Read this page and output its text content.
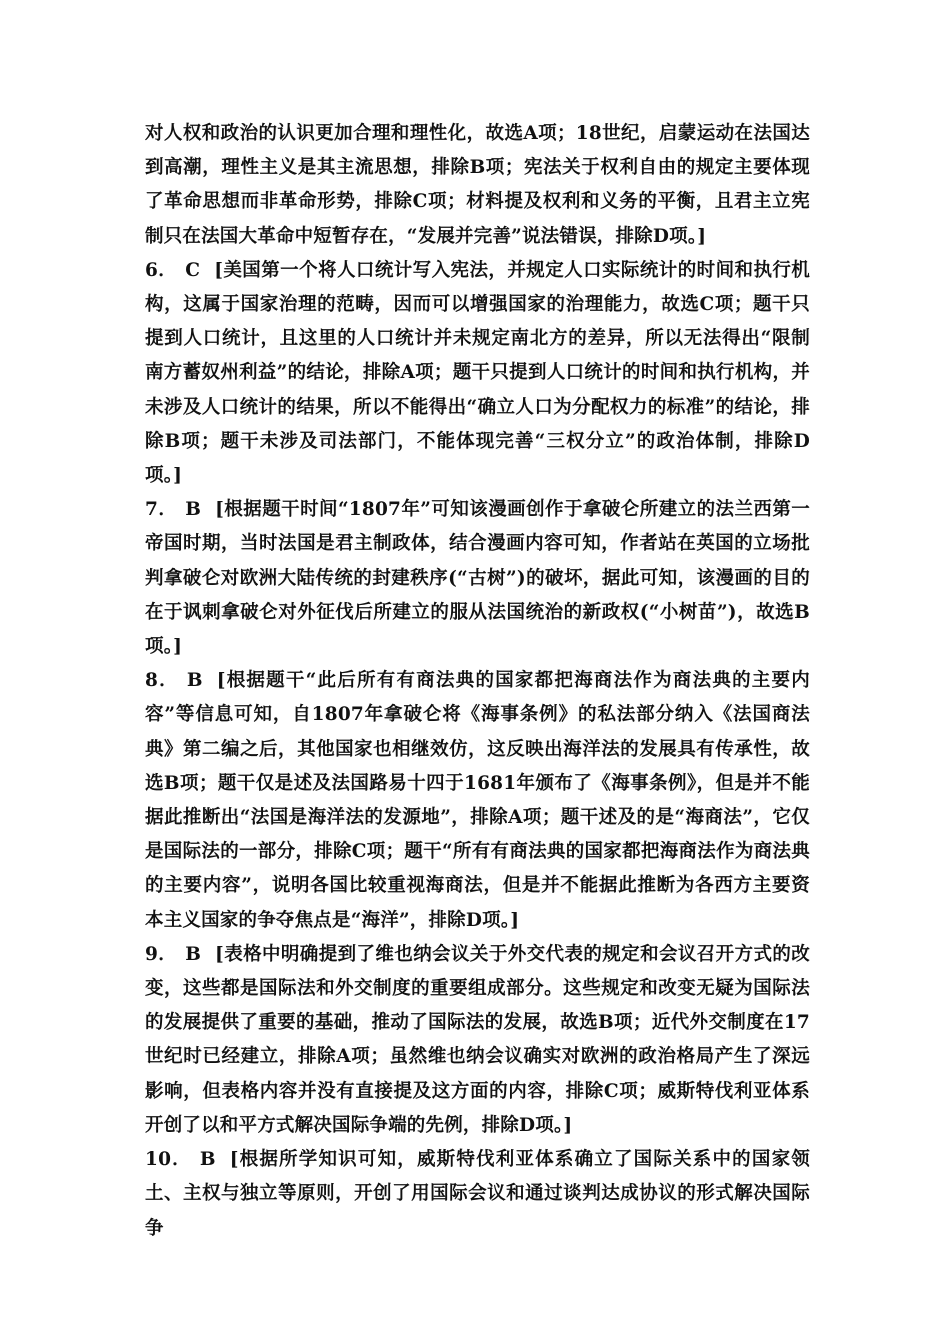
对人权和政治的认识更加合理和理性化，故选A项；18世纪，启蒙运动在法国达到高潮，理性主义是其主流思想，排除B项；宪法关于权利自由的规定主要体现了革命思想而非革命形势，排除C项；材料提及权利和义务的平衡，且君主立宪制只在法国大革命中短暂存在，“发展并完善”说法错误，排除D项。]

6． C [美国第一个将人口统计写入宪法，并规定人口实际统计的时间和执行机构，这属于国家治理的范畴，因而可以增强国家的治理能力，故选C项；题干只提到人口统计，且这里的人口统计并未规定南北方的差异，所以无法得出“限制南方蓄奴州利益”的结论，排除A项；题干只提到人口统计的时间和执行机构，并未涉及人口统计的结果，所以不能得出“确立人口为分配权力的标准”的结论，排除B项；题干未涉及司法部门，不能体现完善“三权分立”的政治体制，排除D项。]

7． B [根据题干时间“1807年”可知该漫画创作于拿破仑所建立的法兰西第一帝国时期，当时法国是君主制政体，结合漫画内容可知，作者站在英国的立场批判拿破仑对欧洲大陆传统的封建秩序(“古树”)的破坏，据此可知，该漫画的目的在于讽刺拿破仑对外征伐后所建立的服从法国统治的新政权(“小树苗”)，故选B项。]

8． B [根据题干“此后所有有商法典的国家都把海商法作为商法典的主要内容”等信息可知，自1807年拿破仑将《海事条例》的私法部分纳入《法国商法典》第二编之后，其他国家也相继效仿，这反映出海洋法的发展具有传承性，故选B项；题干仅是述及法国路易十四于1681年颁布了《海事条例》，但是并不能据此推断出“法国是海洋法的发源地”，排除A项；题干述及的是“海商法”，它仅是国际法的一部分，排除C项；题干“所有有商法典的国家都把海商法作为商法典的主要内容”，说明各国比较重视海商法，但是并不能据此推断为各西方主要资本主义国家的争夺焦点是“海洋”，排除D项。]

9． B [表格中明确提到了维也纳会议关于外交代表的规定和会议召开方式的改变，这些都是国际法和外交制度的重要组成部分。这些规定和改变无疑为国际法的发展提供了重要的基础，推动了国际法的发展，故选B项；近代外交制度在17世纪时已经建立，排除A项；虽然维也纳会议确实对欧洲的政治格局产生了深远影响，但表格内容并没有直接提及这方面的内容，排除C项；威斯特伐利亚体系开创了以和平方式解决国际争端的先例，排除D项。]

10． B [根据所学知识可知，威斯特伐利亚体系确立了国际关系中的国家领土、主权与独立等原则，开创了用国际会议和通过谈判达成协议的形式解决国际争
